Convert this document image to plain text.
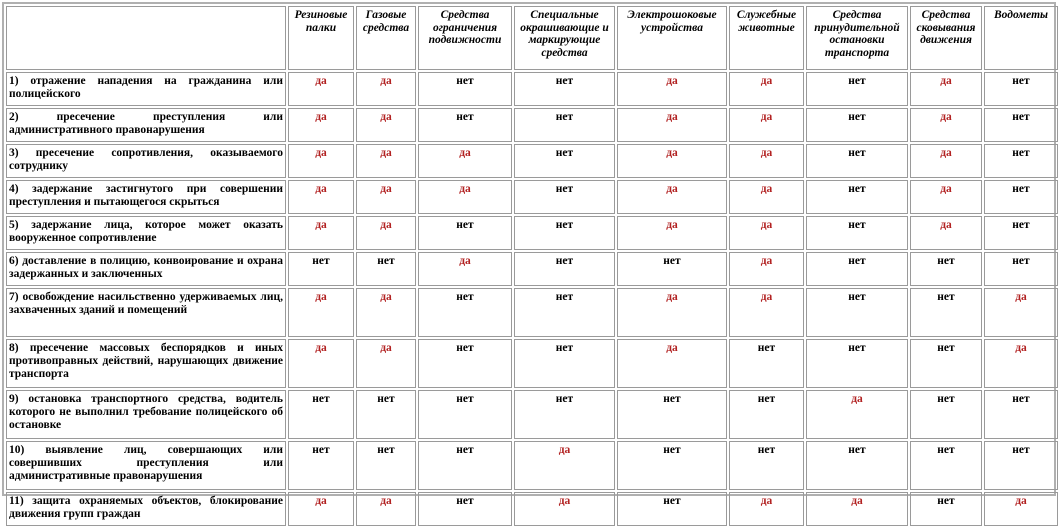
	Резиновые палки	Газовые средства	Средства ограничения подвижности	Специальные окрашивающие и маркирующие средства	Электрошоковые устройства	Служебные животные	Средства принудительной остановки транспорта	Средства сковывания движения	Водометы
1) отражение нападения на гражданина или полицейского	да	да	нет	нет	да	да	нет	да	нет
2) пресечение преступления или административного правонарушения	да	да	нет	нет	да	да	нет	да	нет
3) пресечение сопротивления, оказываемого сотруднику	да	да	да	нет	да	да	нет	да	нет
4) задержание застигнутого при совершении преступления и пытающегося скрыться	да	да	да	нет	да	да	нет	да	нет
5) задержание лица, которое может оказать вооруженное сопротивление	да	да	нет	нет	да	да	нет	да	нет
6) доставление в полицию, конвоирование и охрана задержанных и заключенных	нет	нет	да	нет	нет	да	нет	нет	нет
7) освобождение насильственно удерживаемых лиц, захваченных зданий и помещений	да	да	нет	нет	да	да	нет	нет	да
8) пресечение массовых беспорядков и иных противоправных действий, нарушающих движение транспорта	да	да	нет	нет	да	нет	нет	нет	да
9) остановка транспортного средства, водитель которого не выполнил требование полицейского об остановке	нет	нет	нет	нет	нет	нет	да	нет	нет
10) выявление лиц, совершающих или совершивших преступления или административные правонарушения	нет	нет	нет	да	нет	нет	нет	нет	нет
11) защита охраняемых объектов, блокирование движения групп граждан	да	да	нет	да	нет	да	да	нет	да
